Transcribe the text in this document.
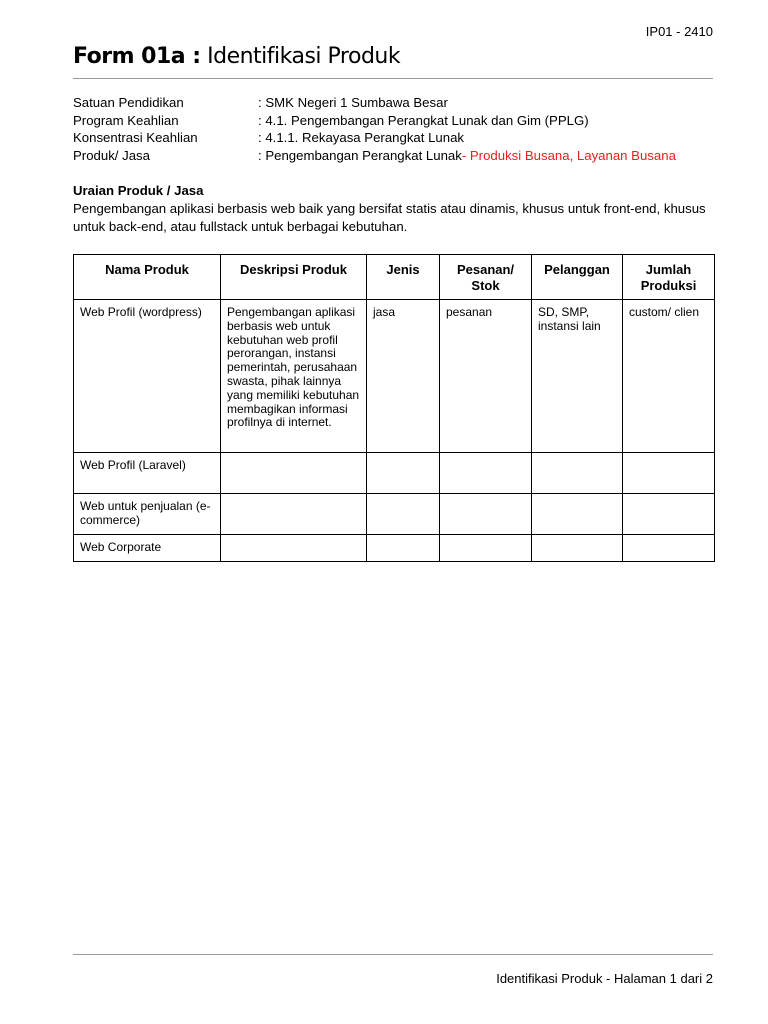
IP01 - 2410
Form 01a : Identifikasi Produk
Satuan Pendidikan	: SMK Negeri 1 Sumbawa Besar
Program Keahlian	: 4.1. Pengembangan Perangkat Lunak dan Gim (PPLG)
Konsentrasi Keahlian	: 4.1.1. Rekayasa Perangkat Lunak
Produk/ Jasa	: Pengembangan Perangkat Lunak - Produksi Busana, Layanan Busana
Uraian Produk / Jasa
Pengembangan aplikasi berbasis web baik yang bersifat statis atau dinamis, khusus untuk front-end, khusus untuk back-end, atau fullstack untuk berbagai kebutuhan.
Nama Produk	Deskripsi Produk	Jenis	Pesanan/ Stok	Pelanggan	Jumlah Produksi
Web Profil (wordpress)	Pengembangan aplikasi berbasis web untuk kebutuhan web profil perorangan, instansi pemerintah, perusahaan swasta, pihak lainnya yang memiliki kebutuhan membagikan informasi profilnya di internet.	jasa	pesanan	SD, SMP, instansi lain	custom/ clien
Web Profil (Laravel)					
Web untuk penjualan (e-commerce)					
Web Corporate					
Identifikasi Produk - Halaman 1 dari 2
